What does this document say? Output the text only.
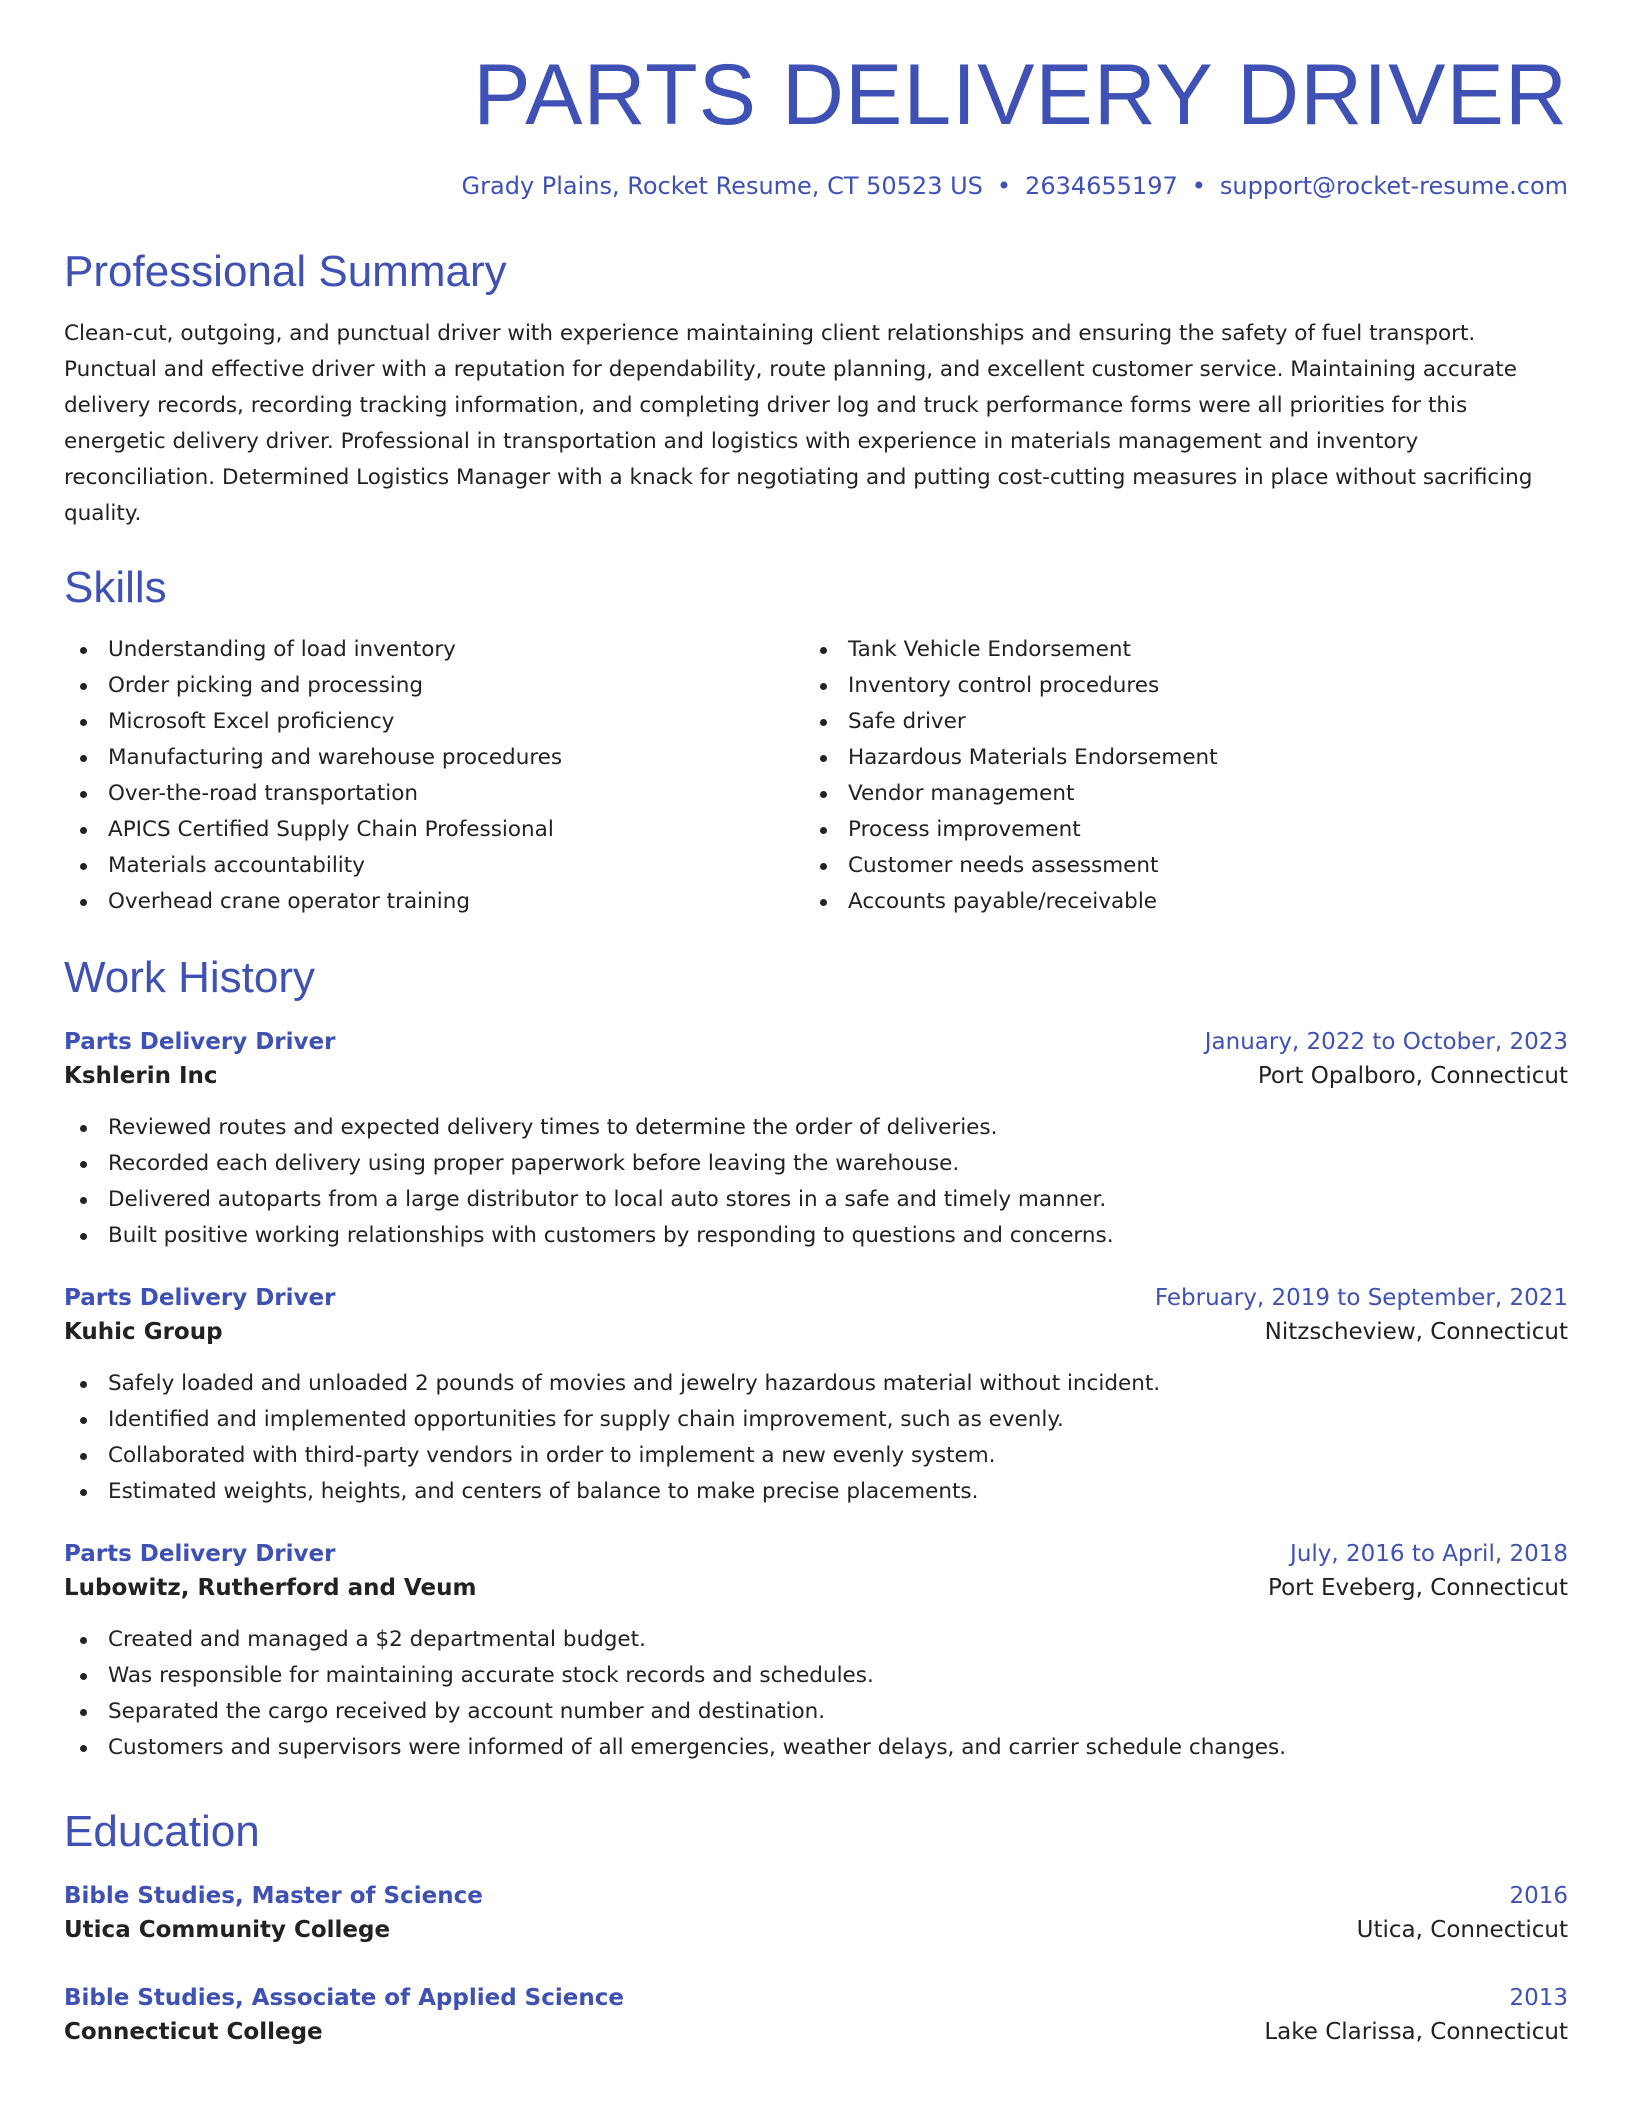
PARTS DELIVERY DRIVER
Grady Plains, Rocket Resume, CT 50523 US • 2634655197 • support@rocket-resume.com
Professional Summary

Clean-cut, outgoing, and punctual driver with experience maintaining client relationships and ensuring the safety of fuel transport. Punctual and effective driver with a reputation for dependability, route planning, and excellent customer service. Maintaining accurate delivery records, recording tracking information, and completing driver log and truck performance forms were all priorities for this energetic delivery driver. Professional in transportation and logistics with experience in materials management and inventory reconciliation. Determined Logistics Manager with a knack for negotiating and putting cost-cutting measures in place without sacrificing quality.

Skills
Understanding of load inventory
Order picking and processing
Microsoft Excel proficiency
Manufacturing and warehouse procedures
Over-the-road transportation
APICS Certified Supply Chain Professional
Materials accountability
Overhead crane operator training
Tank Vehicle Endorsement
Inventory control procedures
Safe driver
Hazardous Materials Endorsement
Vendor management
Process improvement
Customer needs assessment
Accounts payable/receivable
Work History
Parts Delivery Driver	January, 2022 to October, 2023
Kshlerin Inc	Port Opalboro, Connecticut
Reviewed routes and expected delivery times to determine the order of deliveries.
Recorded each delivery using proper paperwork before leaving the warehouse.
Delivered autoparts from a large distributor to local auto stores in a safe and timely manner.
Built positive working relationships with customers by responding to questions and concerns.
Parts Delivery Driver	February, 2019 to September, 2021
Kuhic Group	Nitzscheview, Connecticut
Safely loaded and unloaded 2 pounds of movies and jewelry hazardous material without incident.
Identified and implemented opportunities for supply chain improvement, such as evenly.
Collaborated with third-party vendors in order to implement a new evenly system.
Estimated weights, heights, and centers of balance to make precise placements.
Parts Delivery Driver	July, 2016 to April, 2018
Lubowitz, Rutherford and Veum	Port Eveberg, Connecticut
Created and managed a $2 departmental budget.
Was responsible for maintaining accurate stock records and schedules.
Separated the cargo received by account number and destination.
Customers and supervisors were informed of all emergencies, weather delays, and carrier schedule changes.
Education
Bible Studies, Master of Science	2016
Utica Community College	Utica, Connecticut
Bible Studies, Associate of Applied Science	2013
Connecticut College	Lake Clarissa, Connecticut
